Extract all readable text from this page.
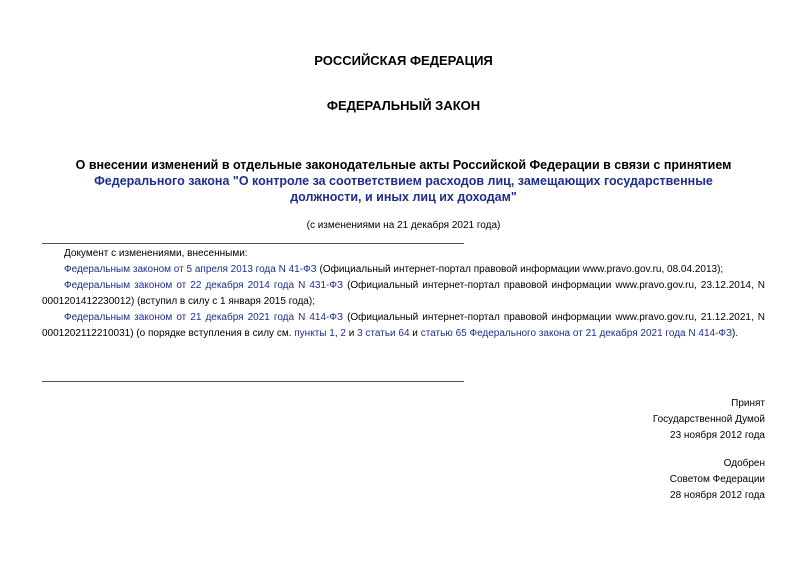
РОССИЙСКАЯ ФЕДЕРАЦИЯ
ФЕДЕРАЛЬНЫЙ ЗАКОН
О внесении изменений в отдельные законодательные акты Российской Федерации в связи с принятием
Федерального закона "О контроле за соответствием расходов лиц, замещающих государственные
должности, и иных лиц их доходам"
(с изменениями на 21 декабря 2021 года)

Документ с изменениями, внесенными:

Федеральным законом от 5 апреля 2013 года N 41-ФЗ (Официальный интернет-портал правовой информации www.pravo.gov.ru, 08.04.2013);

Федеральным законом от 22 декабря 2014 года N 431-ФЗ (Официальный интернет-портал правовой информации www.pravo.gov.ru, 23.12.2014, N 0001201412230012) (вступил в силу с 1 января 2015 года);

Федеральным законом от 21 декабря 2021 года N 414-ФЗ (Официальный интернет-портал правовой информации www.pravo.gov.ru, 21.12.2021, N 0001202112210031) (о порядке вступления в силу см. пункты 1, 2 и 3 статьи 64 и статью 65 Федерального закона от 21 декабря 2021 года N 414-ФЗ).

Принят
Государственной Думой
23 ноября 2012 года
Одобрен
Советом Федерации
28 ноября 2012 года
